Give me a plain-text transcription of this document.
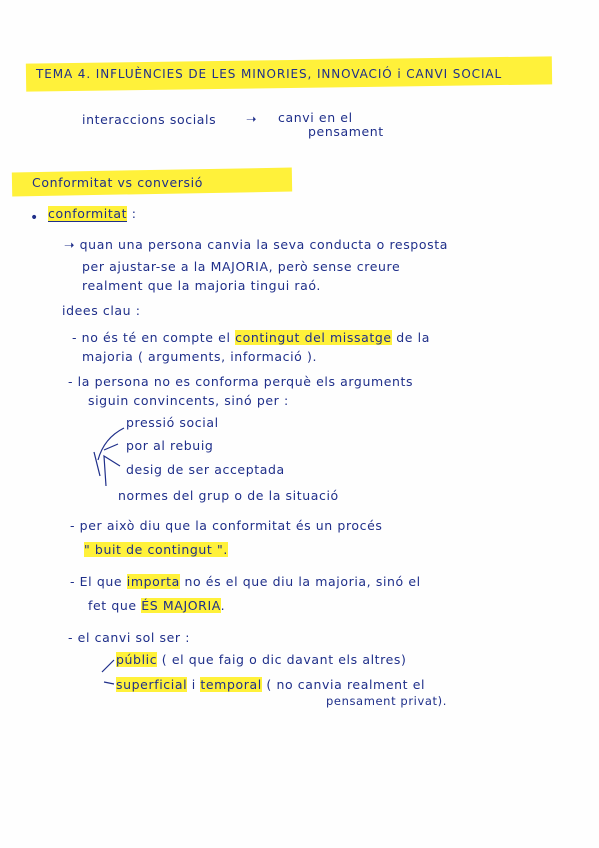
TEMA 4. INFLUÈNCIES DE LES MINORIES, INNOVACIÓ i CANVI SOCIAL
interaccions socials ➝ canvi en el
pensament
Conformitat vs conversió
• conformitat :
➝ quan una persona canvia la seva conducta o resposta
per ajustar-se a la MAJORIA, però sense creure
realment que la majoria tingui raó.
idees clau :
- no és té en compte el contingut del missatge de la
majoria ( arguments, informació ).
- la persona no es conforma perquè els arguments
siguin convincents, sinó per :
pressió social
por al rebuig
desig de ser acceptada
normes del grup o de la situació
- per això diu que la conformitat és un procés
" buit de contingut ".
- El que importa no és el que diu la majoria, sinó el
fet que ÉS MAJORIA.
- el canvi sol ser :
públic ( el que faig o dic davant els altres)
superficial i temporal ( no canvia realment el
pensament privat).
